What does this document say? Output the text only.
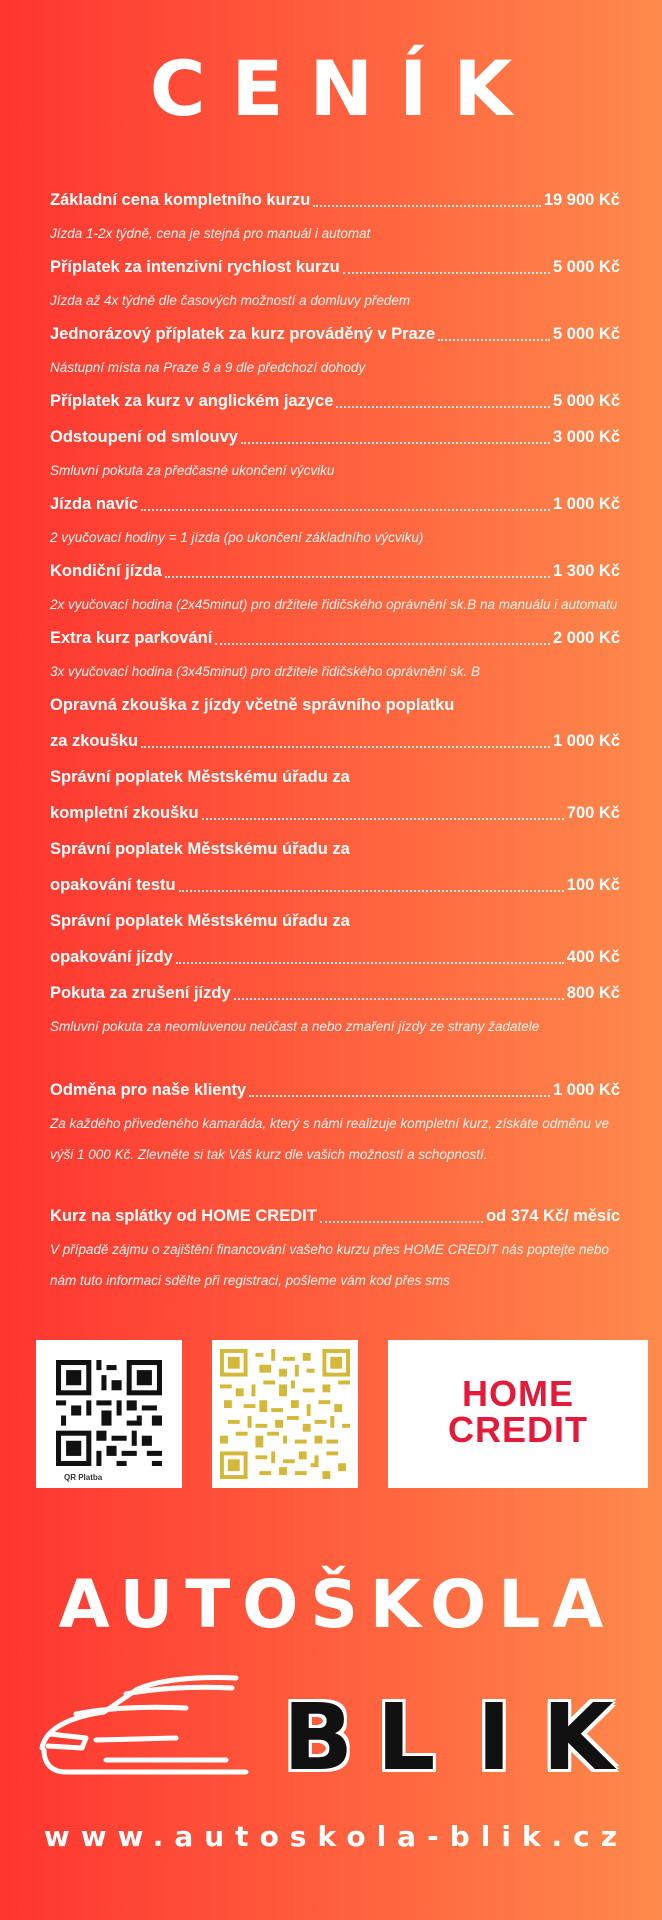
CENÍK
Základní cena kompletního kurzu	19 900 Kč
Jízda 1-2x týdně, cena je stejná pro manuál i automat
Příplatek za intenzivní rychlost kurzu	5 000 Kč
Jízda až 4x týdně dle časových možností a domluvy předem
Jednorázový příplatek za kurz prováděný v Praze	5 000 Kč
Nástupní místa na Praze 8 a 9 dle předchozí dohody
Příplatek za kurz v anglickém jazyce	5 000 Kč
Odstoupení od smlouvy	3 000 Kč
Smluvní pokuta za předčasné ukončení výcviku
Jízda navíc	1 000 Kč
2 vyučovací hodiny = 1 jízda (po ukončení základního výcviku)
Kondiční jízda	1 300 Kč
2x vyučovací hodina (2x45minut) pro držitele řidičského oprávnění sk.B na manuálu i automatu
Extra kurz parkování	2 000 Kč
3x vyučovací hodina (3x45minut) pro držitele řidičského oprávnění sk. B
Opravná zkouška z jízdy včetně správního poplatku
za zkoušku	1 000 Kč
Správní poplatek Městskému úřadu za
kompletní zkoušku	700 Kč
Správní poplatek Městskému úřadu za
opakování testu	100 Kč
Správní poplatek Městskému úřadu za
opakování jízdy	400 Kč
Pokuta za zrušení jízdy	800 Kč
Smluvní pokuta za neomluvenou neúčast a nebo zmaření jízdy ze strany žadatele
Odměna pro naše klienty	1 000 Kč
Za každého přivedeného kamaráda, který s námi realizuje kompletní kurz, získáte odměnu ve výši 1 000 Kč. Zlevněte si tak Váš kurz dle vašich možností a schopností.
Kurz na splátky od HOME CREDIT	od 374 Kč/ měsíc
V případě zájmu o zajištění financování vašeho kurzu přes HOME CREDIT nás poptejte nebo nám tuto informaci sdělte při registraci, pošleme vám kod přes sms
QR Platba
HOME
CREDIT
AUTOŠKOLA
B L I K
www.autoskola-blik.cz
